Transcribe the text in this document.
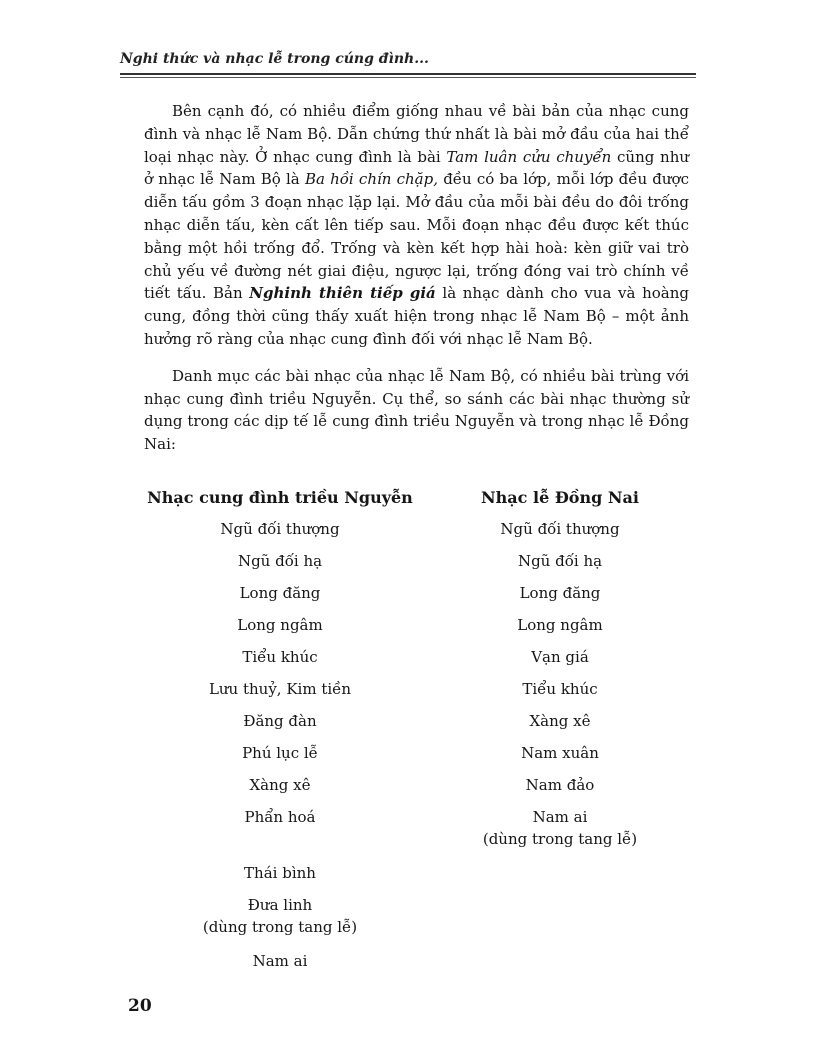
Nghi thức và nhạc lễ trong cúng đình...

Bên cạnh đó, có nhiều điểm giống nhau về bài bản của nhạc cung đình và nhạc lễ Nam Bộ. Dẫn chứng thứ nhất là bài mở đầu của hai thể loại nhạc này. Ở nhạc cung đình là bài Tam luân cửu chuyển cũng như ở nhạc lễ Nam Bộ là Ba hồi chín chặp, đều có ba lớp, mỗi lớp đều được diễn tấu gồm 3 đoạn nhạc lặp lại. Mở đầu của mỗi bài đều do đôi trống nhạc diễn tấu, kèn cất lên tiếp sau. Mỗi đoạn nhạc đều được kết thúc bằng một hồi trống đổ. Trống và kèn kết hợp hài hoà: kèn giữ vai trò chủ yếu về đường nét giai điệu, ngược lại, trống đóng vai trò chính về tiết tấu. Bản Nghinh thiên tiếp giá là nhạc dành cho vua và hoàng cung, đồng thời cũng thấy xuất hiện trong nhạc lễ Nam Bộ – một ảnh hưởng rõ ràng của nhạc cung đình đối với nhạc lễ Nam Bộ.

Danh mục các bài nhạc của nhạc lễ Nam Bộ, có nhiều bài trùng với nhạc cung đình triều Nguyễn. Cụ thể, so sánh các bài nhạc thường sử dụng trong các dịp tế lễ cung đình triều Nguyễn và trong nhạc lễ Đồng Nai:

Nhạc cung đình triều Nguyễn	Nhạc lễ Đồng Nai
Ngũ đối thượng
Ngũ đối hạ
Long đăng
Long ngâm
Tiểu khúc
Lưu thuỷ, Kim tiền
Đăng đàn
Phú lục lễ
Xàng xê
Phẩn hoá
Thái bình
Đưa linh
(dùng trong tang lễ)
Nam ai
Ngũ đối thượng
Ngũ đối hạ
Long đăng
Long ngâm
Vạn giá
Tiểu khúc
Xàng xê
Nam xuân
Nam đảo
Nam ai
(dùng trong tang lễ)
20
